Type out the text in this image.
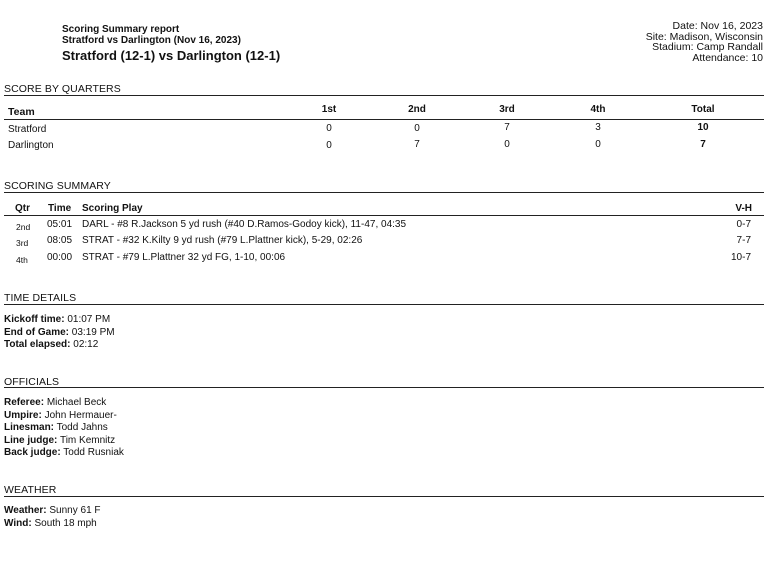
Scoring Summary report
Stratford vs Darlington (Nov 16, 2023)
Stratford (12-1) vs Darlington (12-1)
Date: Nov 16, 2023
Site: Madison, Wisconsin
Stadium: Camp Randall
Attendance: 10
SCORE BY QUARTERS
Team	1st	2nd	3rd	4th	Total
Stratford	0	0	7	3	10
Darlington	0	7	0	0	7
SCORING SUMMARY
Qtr Time Scoring Play	V-H
2nd 05:01 DARL - #8 R.Jackson 5 yd rush (#40 D.Ramos-Godoy kick), 11-47, 04:35	0-7
3rd 08:05 STRAT - #32 K.Kilty 9 yd rush (#79 L.Plattner kick), 5-29, 02:26	7-7
4th 00:00 STRAT - #79 L.Plattner 32 yd FG, 1-10, 00:06	10-7
TIME DETAILS
Kickoff time: 01:07 PM
End of Game: 03:19 PM
Total elapsed: 02:12
OFFICIALS
Referee: Michael Beck
Umpire: John Hermauer-
Linesman: Todd Jahns
Line judge: Tim Kemnitz
Back judge: Todd Rusniak
WEATHER
Weather: Sunny 61 F
Wind: South 18 mph
